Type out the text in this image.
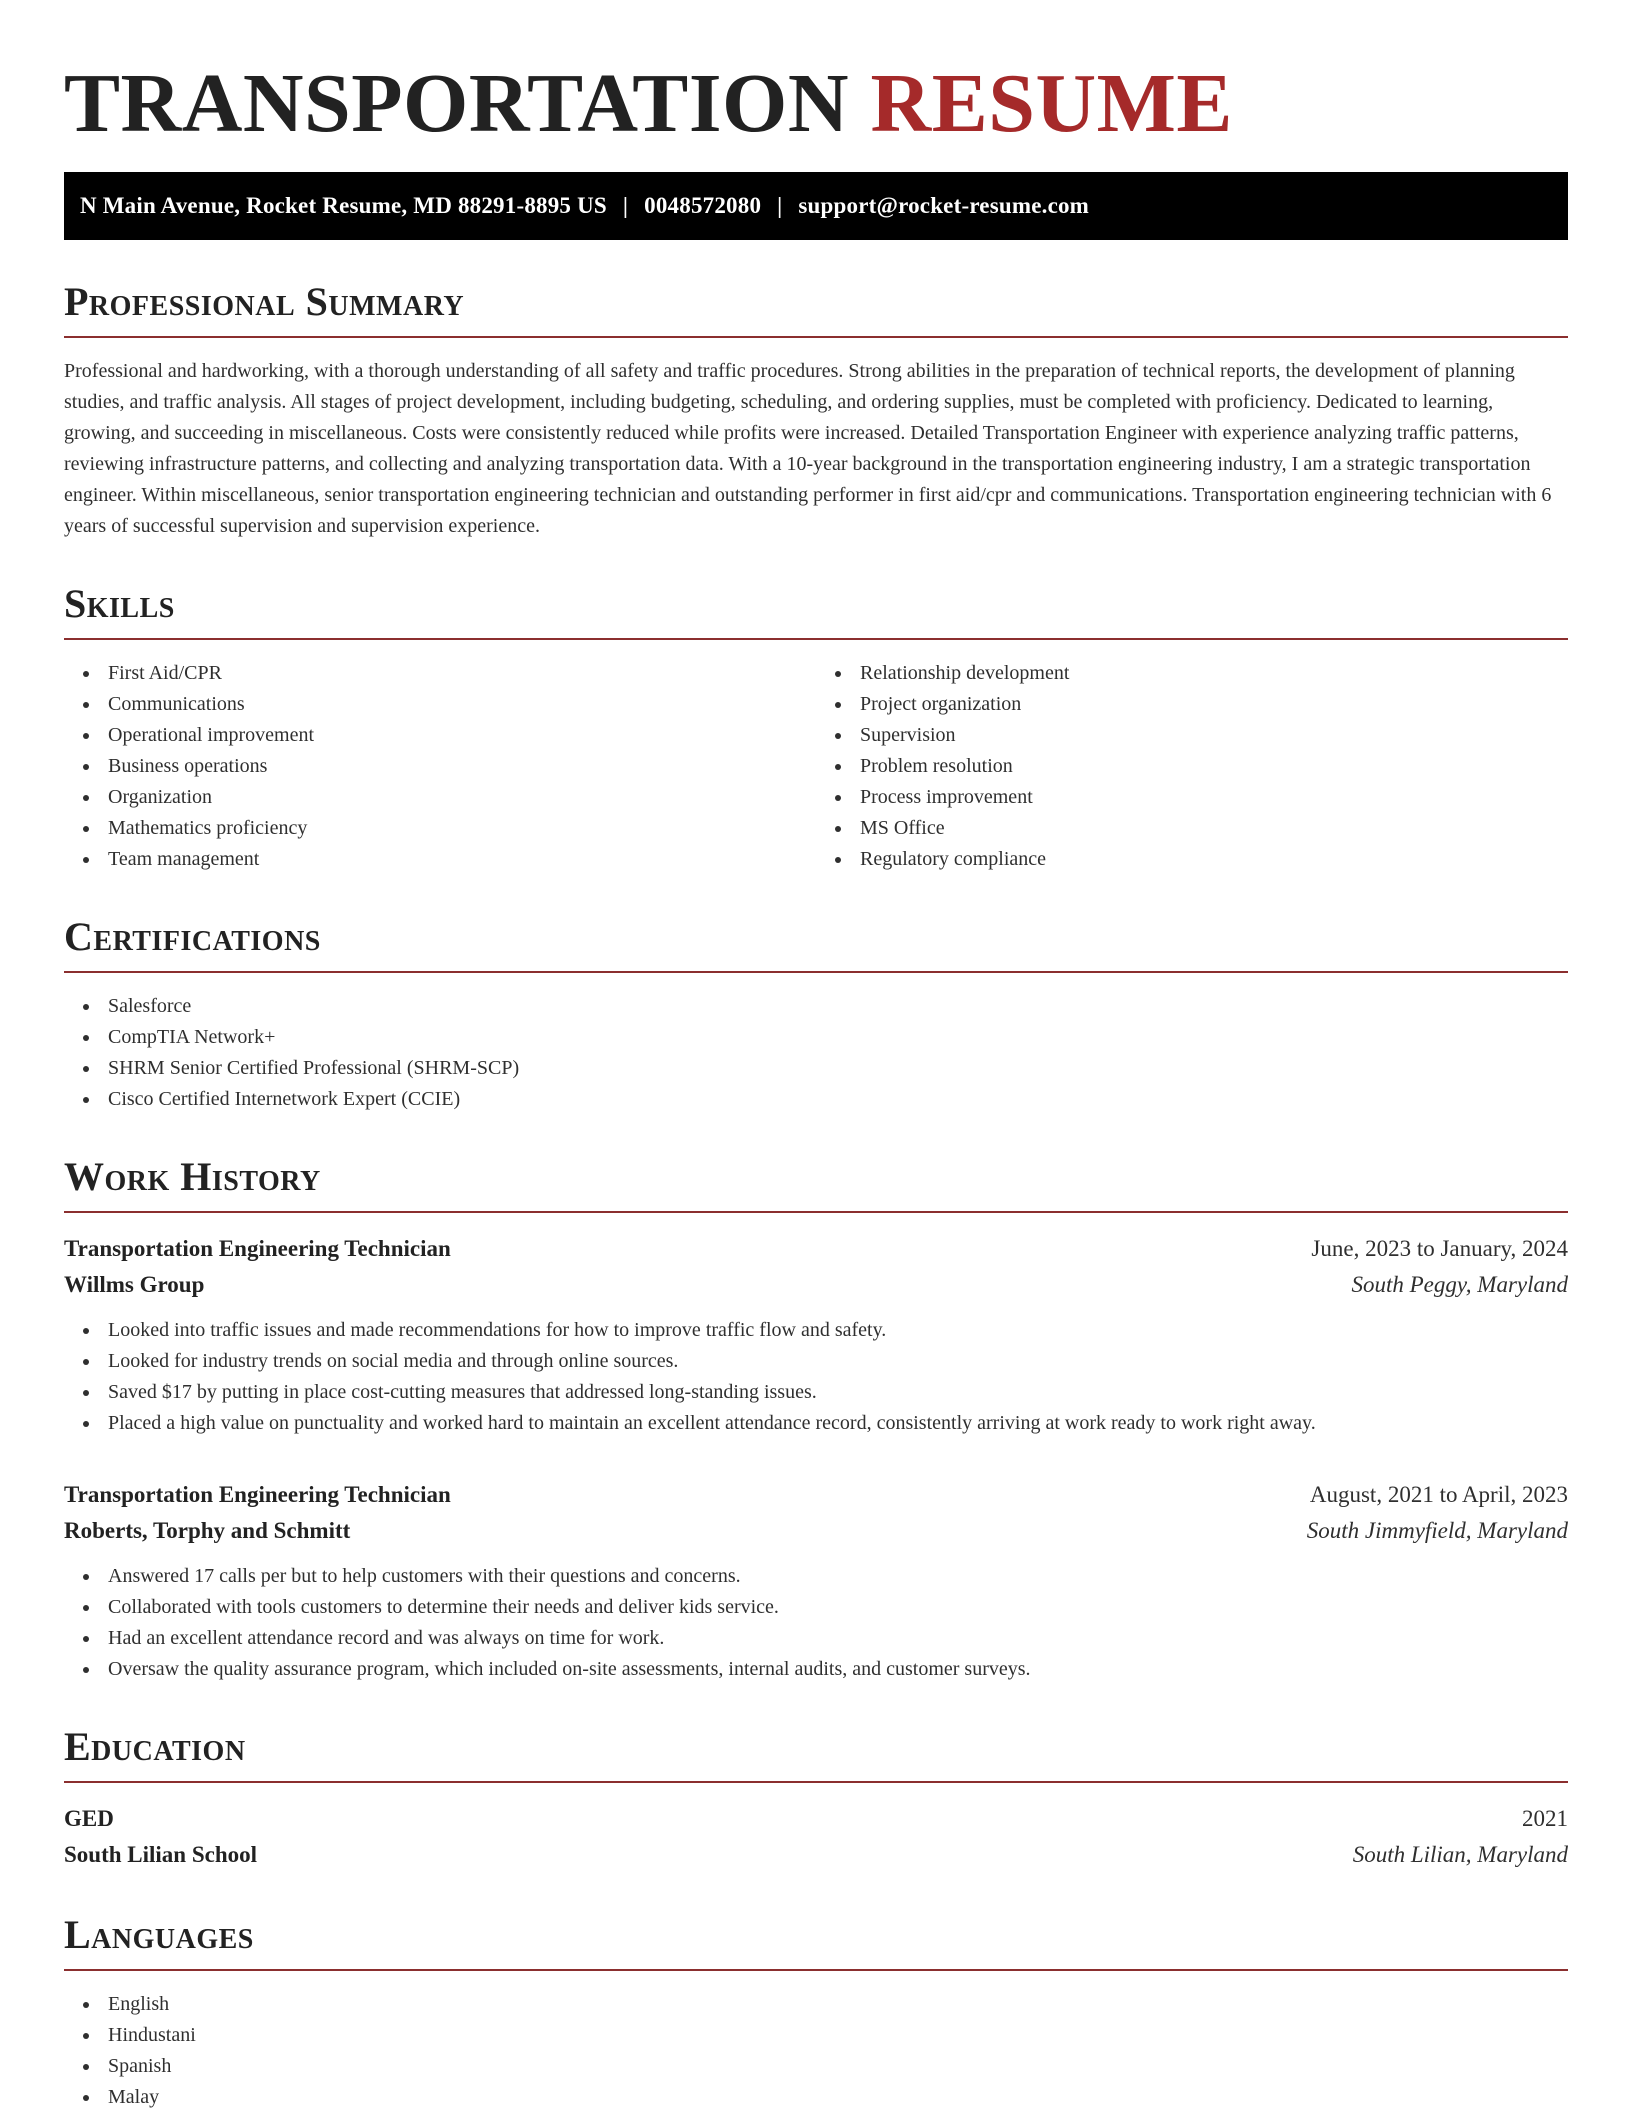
TRANSPORTATION RESUME
N Main Avenue, Rocket Resume, MD 88291-8895 US | 0048572080 | support@rocket-resume.com
Professional Summary

Professional and hardworking, with a thorough understanding of all safety and traffic procedures. Strong abilities in the preparation of technical reports, the development of planning studies, and traffic analysis. All stages of project development, including budgeting, scheduling, and ordering supplies, must be completed with proficiency. Dedicated to learning, growing, and succeeding in miscellaneous. Costs were consistently reduced while profits were increased. Detailed Transportation Engineer with experience analyzing traffic patterns, reviewing infrastructure patterns, and collecting and analyzing transportation data. With a 10-year background in the transportation engineering industry, I am a strategic transportation engineer. Within miscellaneous, senior transportation engineering technician and outstanding performer in first aid/cpr and communications. Transportation engineering technician with 6 years of successful supervision and supervision experience.

Skills
First Aid/CPR
Communications
Operational improvement
Business operations
Organization
Mathematics proficiency
Team management
Relationship development
Project organization
Supervision
Problem resolution
Process improvement
MS Office
Regulatory compliance
Certifications
Salesforce
CompTIA Network+
SHRM Senior Certified Professional (SHRM-SCP)
Cisco Certified Internetwork Expert (CCIE)
Work History
Transportation Engineering Technician	June, 2023 to January, 2024
Willms Group	South Peggy, Maryland
Looked into traffic issues and made recommendations for how to improve traffic flow and safety.
Looked for industry trends on social media and through online sources.
Saved $17 by putting in place cost-cutting measures that addressed long-standing issues.
Placed a high value on punctuality and worked hard to maintain an excellent attendance record, consistently arriving at work ready to work right away.
Transportation Engineering Technician	August, 2021 to April, 2023
Roberts, Torphy and Schmitt	South Jimmyfield, Maryland
Answered 17 calls per but to help customers with their questions and concerns.
Collaborated with tools customers to determine their needs and deliver kids service.
Had an excellent attendance record and was always on time for work.
Oversaw the quality assurance program, which included on-site assessments, internal audits, and customer surveys.
Education
GED	2021
South Lilian School	South Lilian, Maryland
Languages
English
Hindustani
Spanish
Malay
